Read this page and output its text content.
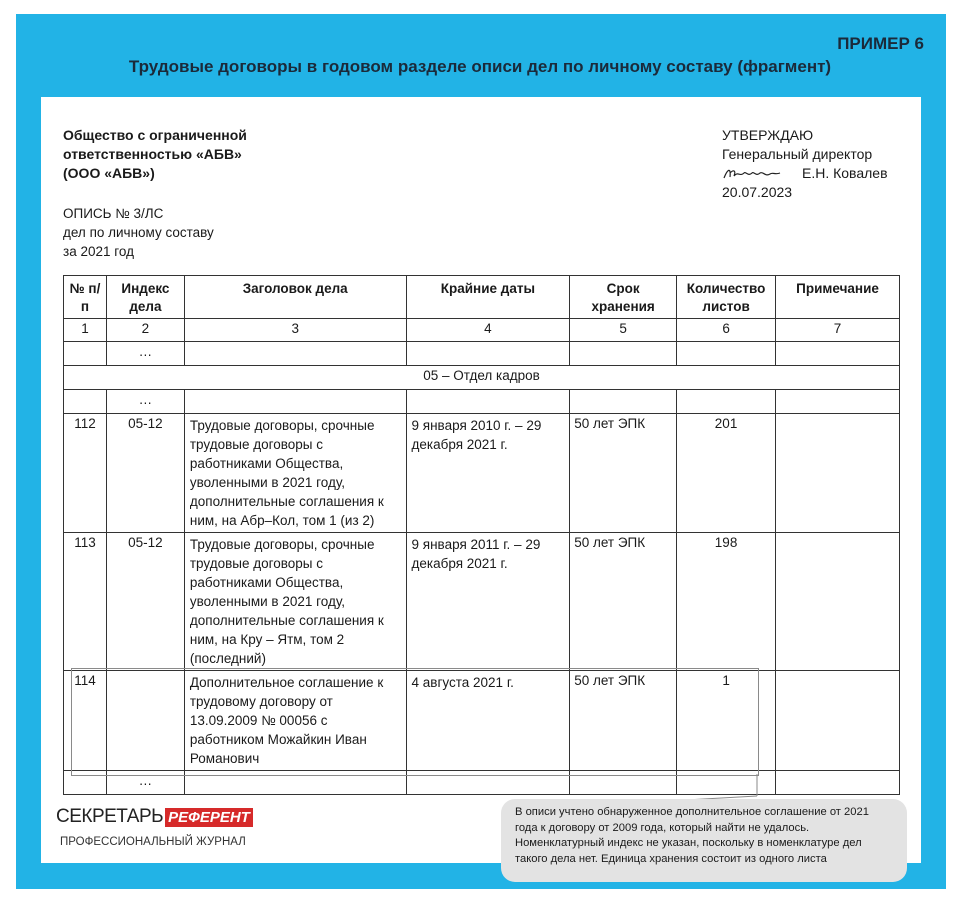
ПРИМЕР 6
Трудовые договоры в годовом разделе описи дел по личному составу (фрагмент)
Общество с ограниченной
ответственностью «АБВ»
(ООО «АБВ»)
УТВЕРЖДАЮ
Генеральный директор
Е.Н. Ковалев
20.07.2023
ОПИСЬ № 3/ЛС
дел по личному составу
за 2021 год
№ п/п	Индекс дела	Заголовок дела	Крайние даты	Срок хранения	Количество листов	Примечание
1	2	3	4	5	6	7
	…					
05 – Отдел кадров						
	…					
112	05-12	Трудовые договоры, срочные трудовые договоры с работниками Общества, уволенными в 2021 году, дополнительные соглашения к ним, на Абр–Кол, том 1 (из 2)	9 января 2010 г. – 29 декабря 2021 г.	50 лет ЭПК	201	
113	05-12	Трудовые договоры, срочные трудовые договоры с работниками Общества, уволенными в 2021 году, дополнительные соглашения к ним, на Кру – Ятм, том 2 (последний)	9 января 2011 г. – 29 декабря 2021 г.	50 лет ЭПК	198	
114		Дополнительное соглашение к трудовому договору от 13.09.2009 № 00056 с работником Можайкин Иван Романович	4 августа 2021 г.	50 лет ЭПК	1	
	…					
В описи учтено обнаруженное дополнительное соглашение от 2021 года к договору от 2009 года, который найти не удалось. Номенклатурный индекс не указан, поскольку в номенклатуре дел такого дела нет. Единица хранения состоит из одного листа
СЕКРЕТАРЬ РЕФЕРЕНТ
ПРОФЕССИОНАЛЬНЫЙ ЖУРНАЛ
